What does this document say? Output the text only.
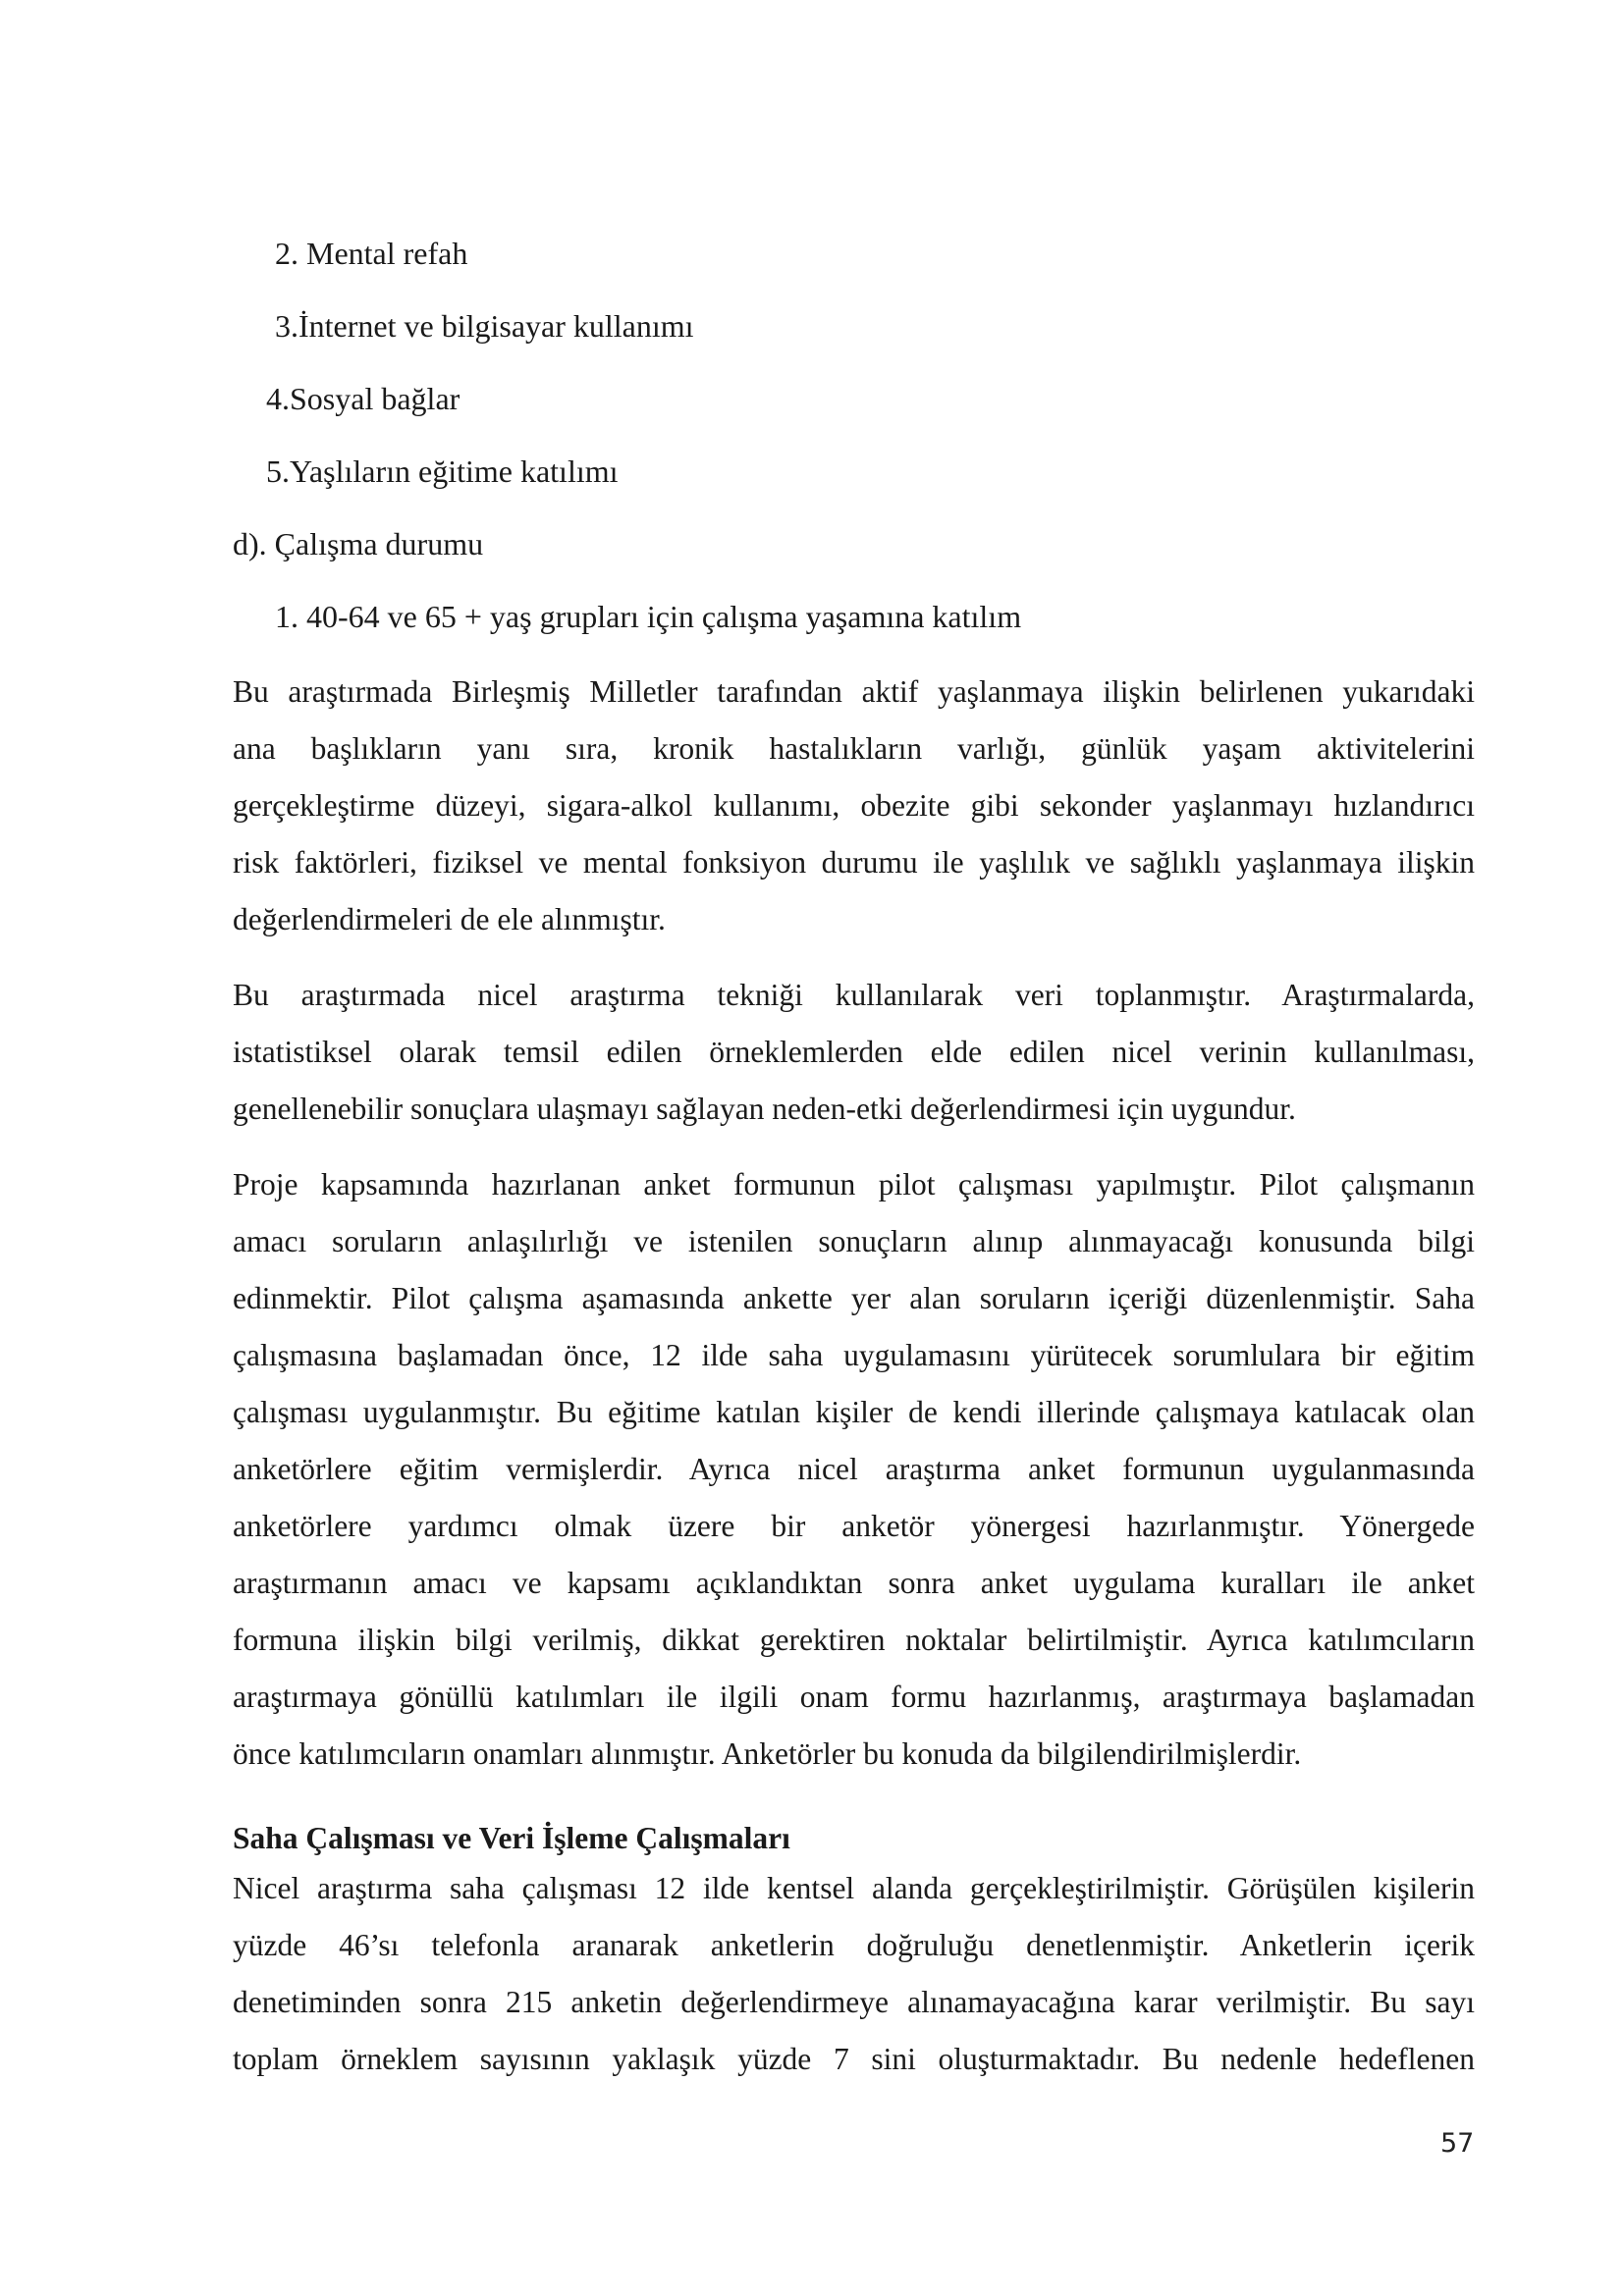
2. Mental refah
3.İnternet ve bilgisayar kullanımı
4.Sosyal bağlar
5.Yaşlıların eğitime katılımı
d). Çalışma durumu
1. 40-64 ve 65 + yaş grupları için çalışma yaşamına katılım
Bu araştırmada Birleşmiş Milletler tarafından aktif yaşlanmaya ilişkin belirlenen yukarıdaki
ana başlıkların yanı sıra, kronik hastalıkların varlığı, günlük yaşam aktivitelerini
gerçekleştirme düzeyi, sigara-alkol kullanımı, obezite gibi sekonder yaşlanmayı hızlandırıcı
risk faktörleri, fiziksel ve mental fonksiyon durumu ile yaşlılık ve sağlıklı yaşlanmaya ilişkin
değerlendirmeleri de ele alınmıştır.
Bu araştırmada nicel araştırma tekniği kullanılarak veri toplanmıştır. Araştırmalarda,
istatistiksel olarak temsil edilen örneklemlerden elde edilen nicel verinin kullanılması,
genellenebilir sonuçlara ulaşmayı sağlayan neden-etki değerlendirmesi için uygundur.
Proje kapsamında hazırlanan anket formunun pilot çalışması yapılmıştır. Pilot çalışmanın
amacı soruların anlaşılırlığı ve istenilen sonuçların alınıp alınmayacağı konusunda bilgi
edinmektir. Pilot çalışma aşamasında ankette yer alan soruların içeriği düzenlenmiştir. Saha
çalışmasına başlamadan önce, 12 ilde saha uygulamasını yürütecek sorumlulara bir eğitim
çalışması uygulanmıştır. Bu eğitime katılan kişiler de kendi illerinde çalışmaya katılacak olan
anketörlere eğitim vermişlerdir. Ayrıca nicel araştırma anket formunun uygulanmasında
anketörlere yardımcı olmak üzere bir anketör yönergesi hazırlanmıştır. Yönergede
araştırmanın amacı ve kapsamı açıklandıktan sonra anket uygulama kuralları ile anket
formuna ilişkin bilgi verilmiş, dikkat gerektiren noktalar belirtilmiştir. Ayrıca katılımcıların
araştırmaya gönüllü katılımları ile ilgili onam formu hazırlanmış, araştırmaya başlamadan
önce katılımcıların onamları alınmıştır. Anketörler bu konuda da bilgilendirilmişlerdir.
Saha Çalışması ve Veri İşleme Çalışmaları
Nicel araştırma saha çalışması 12 ilde kentsel alanda gerçekleştirilmiştir. Görüşülen kişilerin
yüzde 46’sı telefonla aranarak anketlerin doğruluğu denetlenmiştir. Anketlerin içerik
denetiminden sonra 215 anketin değerlendirmeye alınamayacağına karar verilmiştir. Bu sayı
toplam örneklem sayısının yaklaşık yüzde 7 sini oluşturmaktadır. Bu nedenle hedeflenen
57
